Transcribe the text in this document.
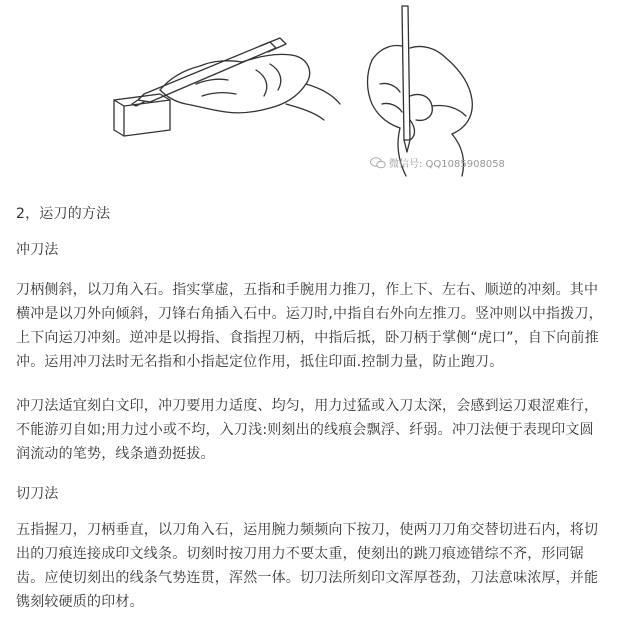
微信号: QQ1085908058

2，运刀的方法

冲刀法

刀柄侧斜，以刀角入石。指实掌虚，五指和手腕用力推刀，作上下、左右、顺逆的冲刻。其中横冲是以刀外向倾斜，刀锋右角插入石中。运刀时,中指自右外向左推刀。竖冲则以中指拨刀，上下向运刀冲刻。逆冲是以拇指、食指捏刀柄，中指后抵，卧刀柄于掌侧“虎口”，自下向前推冲。运用冲刀法时无名指和小指起定位作用，抵住印面.控制力量，防止跑刀。

冲刀法适宜刻白文印，冲刀要用力适度、均匀，用力过猛或入刀太深，会感到运刀艰涩难行，不能游刃自如;用力过小或不均，入刀浅:则刻出的线痕会飘浮、纤弱。冲刀法便于表现印文圆润流动的笔势，线条遒劲挺拔。

切刀法

五指握刀，刀柄垂直，以刀角入石，运用腕力频频向下按刀，使两刀刀角交替切进石内，将切出的刀痕连接成印文线条。切刻时按刀用力不要太重，使刻出的跳刀痕迹错综不齐，形同锯齿。应使切刻出的线条气势连贯，浑然一体。切刀法所刻印文浑厚苍劲，刀法意味浓厚，并能镌刻较硬质的印材。
